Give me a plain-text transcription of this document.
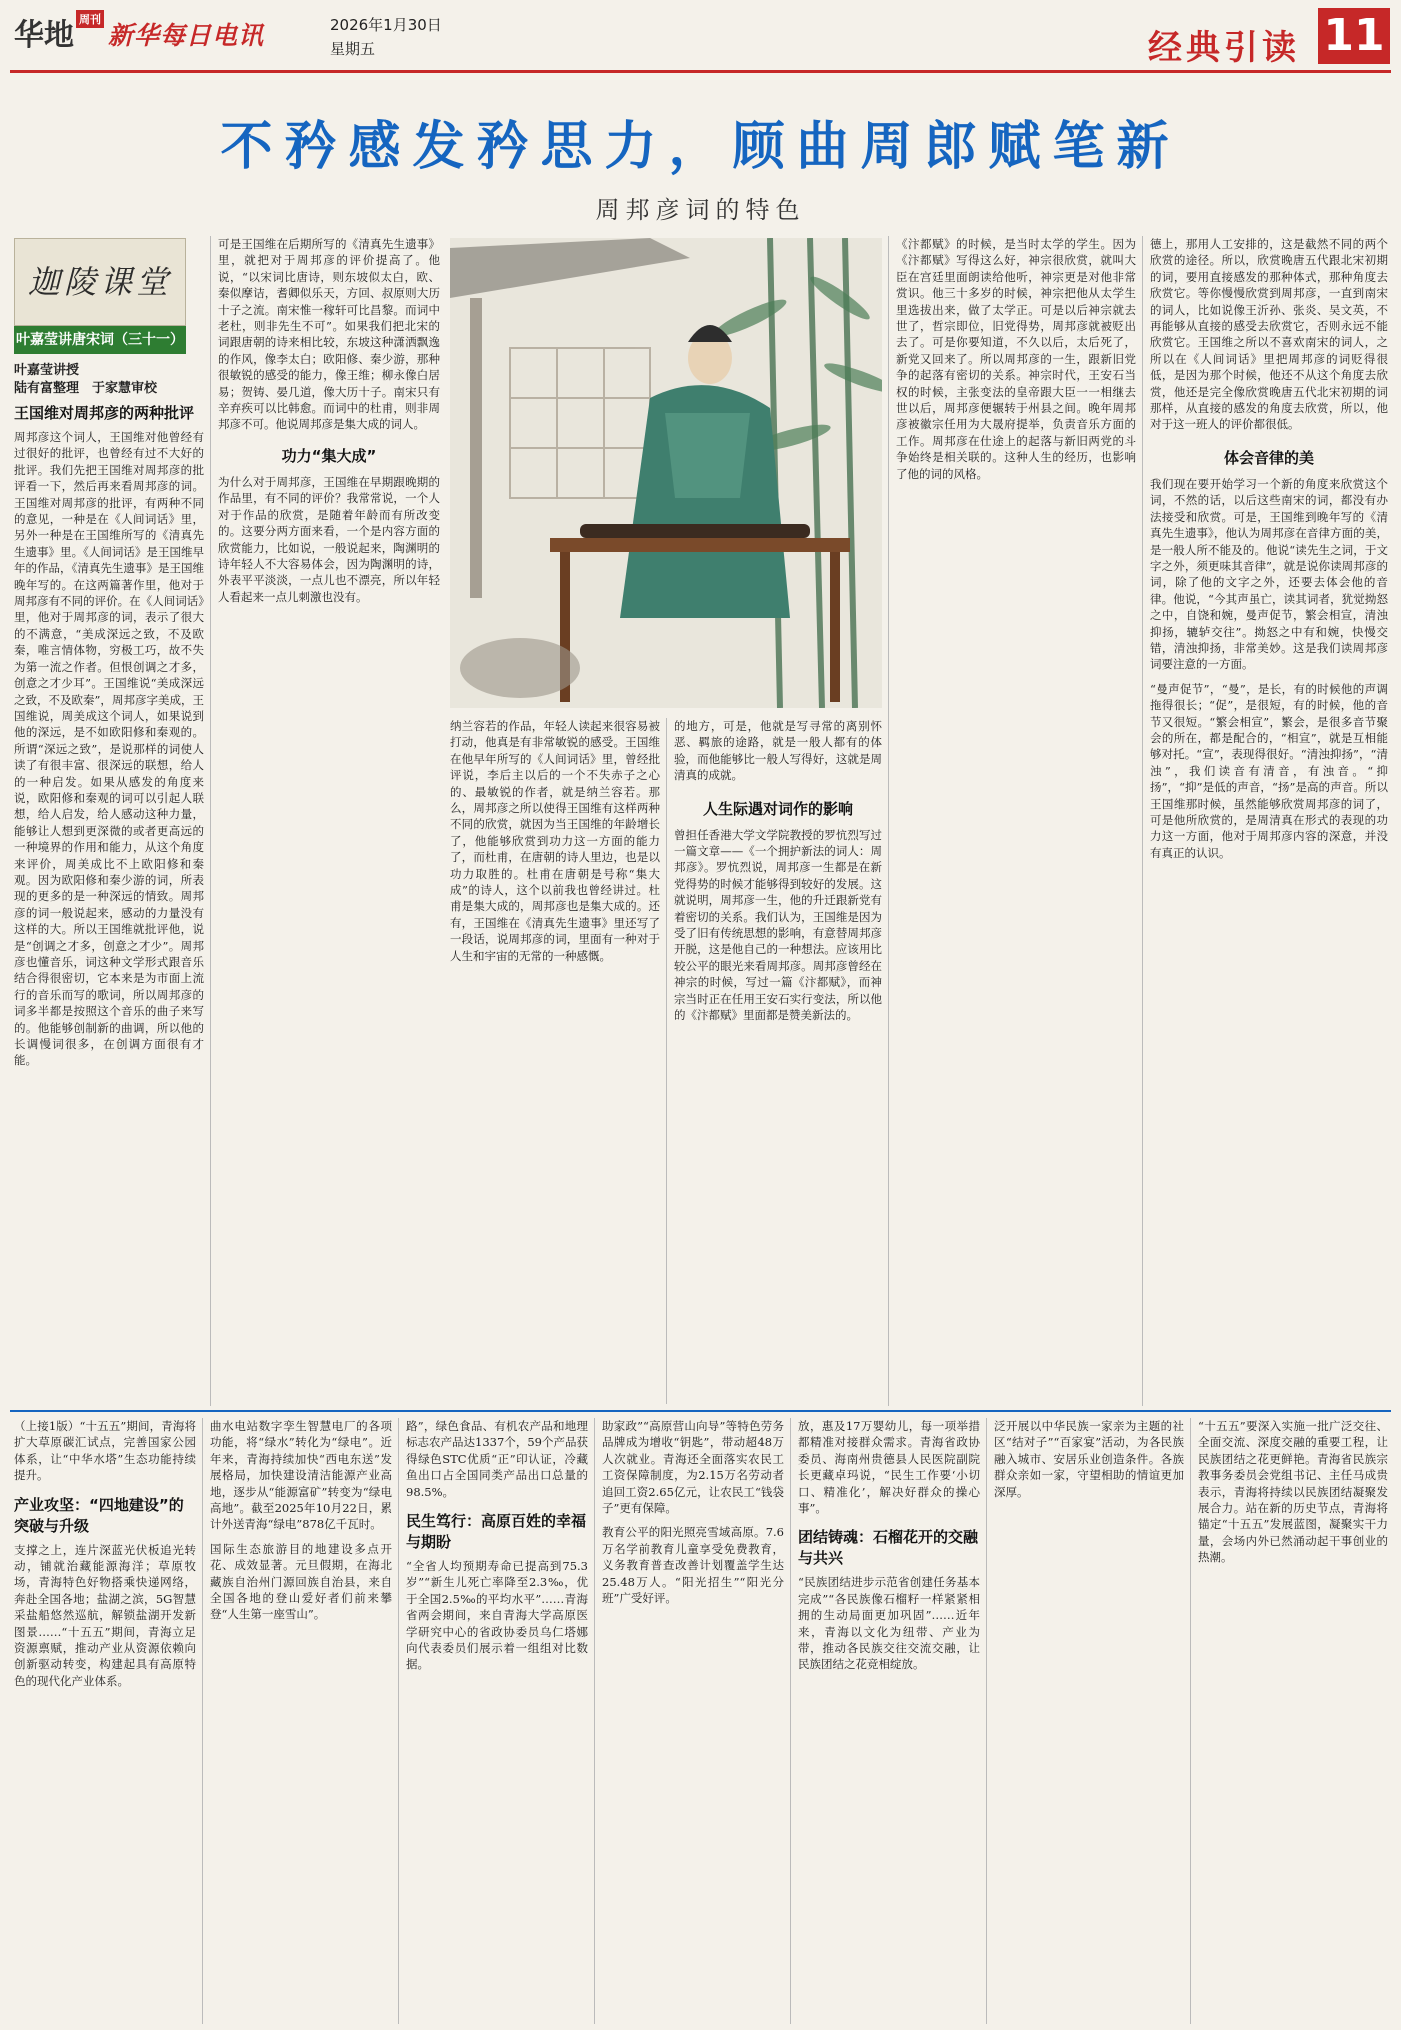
华地 周刊
新华每日电讯	2026年1月30日
星期五	经典引读 11
不矜感发矜思力，顾曲周郎赋笔新
周邦彦词的特色
迦陵课堂
叶嘉莹讲唐宋词（三十一）
叶嘉莹讲授
陆有富整理　于家慧审校
王国维对周邦彦的两种批评

周邦彦这个词人，王国维对他曾经有过很好的批评，也曾经有过不大好的批评。我们先把王国维对周邦彦的批评看一下，然后再来看周邦彦的词。王国维对周邦彦的批评，有两种不同的意见，一种是在《人间词话》里，另外一种是在王国维所写的《清真先生遗事》里。《人间词话》是王国维早年的作品，《清真先生遗事》是王国维晚年写的。在这两篇著作里，他对于周邦彦有不同的评价。在《人间词话》里，他对于周邦彦的词，表示了很大的不满意，“美成深远之致，不及欧秦，唯言情体物，穷极工巧，故不失为第一流之作者。但恨创调之才多，创意之才少耳”。王国维说“美成深远之致，不及欧秦”，周邦彦字美成，王国维说，周美成这个词人，如果说到他的深远，是不如欧阳修和秦观的。所谓“深远之致”，是说那样的词使人读了有很丰富、很深远的联想，给人的一种启发。如果从感发的角度来说，欧阳修和秦观的词可以引起人联想，给人启发，给人感动这种力量，能够让人想到更深微的或者更高远的一种境界的作用和能力，从这个角度来评价，周美成比不上欧阳修和秦观。因为欧阳修和秦少游的词，所表现的更多的是一种深远的情致。周邦彦的词一般说起来，感动的力量没有这样的大。所以王国维就批评他，说是“创调之才多，创意之才少”。周邦彦也懂音乐，词这种文学形式跟音乐结合得很密切，它本来是为市面上流行的音乐而写的歌词，所以周邦彦的词多半都是按照这个音乐的曲子来写的。他能够创制新的曲调，所以他的长调慢词很多，在创调方面很有才能。

可是王国维在后期所写的《清真先生遗事》里，就把对于周邦彦的评价提高了。他说，“以宋词比唐诗，则东坡似太白，欧、秦似摩诘，耆卿似乐天，方回、叔原则大历十子之流。南宋惟一稼轩可比昌黎。而词中老杜，则非先生不可”。如果我们把北宋的词跟唐朝的诗来相比较，东坡这种潇洒飘逸的作风，像李太白；欧阳修、秦少游，那种很敏锐的感受的能力，像王维；柳永像白居易；贺铸、晏几道，像大历十子。南宋只有辛弃疾可以比韩愈。而词中的杜甫，则非周邦彦不可。他说周邦彦是集大成的词人。

功力“集大成”

为什么对于周邦彦，王国维在早期跟晚期的作品里，有不同的评价？我常常说，一个人对于作品的欣赏，是随着年龄而有所改变的。这要分两方面来看，一个是内容方面的欣赏能力，比如说，一般说起来，陶渊明的诗年轻人不大容易体会，因为陶渊明的诗，外表平平淡淡，一点儿也不漂亮，所以年轻人看起来一点儿刺激也没有。

纳兰容若的作品，年轻人读起来很容易被打动，他真是有非常敏锐的感受。王国维在他早年所写的《人间词话》里，曾经批评说，李后主以后的一个不失赤子之心的、最敏锐的作者，就是纳兰容若。那么，周邦彦之所以使得王国维有这样两种不同的欣赏，就因为当王国维的年龄增长了，他能够欣赏到功力这一方面的能力了，而杜甫，在唐朝的诗人里边，也是以功力取胜的。杜甫在唐朝是号称“集大成”的诗人，这个以前我也曾经讲过。杜甫是集大成的，周邦彦也是集大成的。还有，王国维在《清真先生遗事》里还写了一段话，说周邦彦的词，里面有一种对于人生和宇宙的无常的一种感慨。

的地方，可是，他就是写寻常的离别怀恶、羁旅的途路，就是一般人都有的体验，而他能够比一般人写得好，这就是周清真的成就。

人生际遇对词作的影响

曾担任香港大学文学院教授的罗忼烈写过一篇文章——《一个拥护新法的词人：周邦彦》。罗忼烈说，周邦彦一生都是在新党得势的时候才能够得到较好的发展。这就说明，周邦彦一生，他的升迁跟新党有着密切的关系。我们认为，王国维是因为受了旧有传统思想的影响，有意替周邦彦开脱，这是他自己的一种想法。应该用比较公平的眼光来看周邦彦。周邦彦曾经在神宗的时候，写过一篇《汴都赋》，而神宗当时正在任用王安石实行变法，所以他的《汴都赋》里面都是赞美新法的。

《汴都赋》的时候，是当时太学的学生。因为《汴都赋》写得这么好，神宗很欣赏，就叫大臣在宫廷里面朗读给他听，神宗更是对他非常赏识。他三十多岁的时候，神宗把他从太学生里选拔出来，做了太学正。可是以后神宗就去世了，哲宗即位，旧党得势，周邦彦就被贬出去了。可是你要知道，不久以后，太后死了，新党又回来了。所以周邦彦的一生，跟新旧党争的起落有密切的关系。神宗时代，王安石当权的时候，主张变法的皇帝跟大臣一一相继去世以后，周邦彦便辗转于州县之间。晚年周邦彦被徽宗任用为大晟府提举，负责音乐方面的工作。周邦彦在仕途上的起落与新旧两党的斗争始终是相关联的。这种人生的经历，也影响了他的词的风格。

德上，那用人工安排的，这是截然不同的两个欣赏的途径。所以，欣赏晚唐五代跟北宋初期的词，要用直接感发的那种体式，那种角度去欣赏它。等你慢慢欣赏到周邦彦，一直到南宋的词人，比如说像王沂孙、张炎、吴文英，不再能够从直接的感受去欣赏它，否则永远不能欣赏它。王国维之所以不喜欢南宋的词人，之所以在《人间词话》里把周邦彦的词贬得很低，是因为那个时候，他还不从这个角度去欣赏，他还是完全像欣赏晚唐五代北宋初期的词那样，从直接的感发的角度去欣赏，所以，他对于这一班人的评价都很低。

体会音律的美

我们现在要开始学习一个新的角度来欣赏这个词，不然的话，以后这些南宋的词，都没有办法接受和欣赏。可是，王国维到晚年写的《清真先生遗事》，他认为周邦彦在音律方面的美，是一般人所不能及的。他说“读先生之词，于文字之外，须更味其音律”，就是说你读周邦彦的词，除了他的文字之外，还要去体会他的音律。他说，“今其声虽亡，读其词者，犹觉拗怒之中，自饶和婉，曼声促节，繁会相宣，清浊抑扬，辘轳交往”。拗怒之中有和婉，快慢交错，清浊抑扬，非常美妙。这是我们读周邦彦词要注意的一方面。

“曼声促节”，“曼”，是长，有的时候他的声调拖得很长；“促”，是很短，有的时候，他的音节又很短。“繁会相宣”，繁会，是很多音节聚会的所在，都是配合的，“相宣”，就是互相能够对托。“宣”，表现得很好。“清浊抑扬”，“清浊”，我们读音有清音，有浊音。“抑扬”，“抑”是低的声音，“扬”是高的声音。所以王国维那时候，虽然能够欣赏周邦彦的词了，可是他所欣赏的，是周清真在形式的表现的功力这一方面，他对于周邦彦内容的深意，并没有真正的认识。

（上接1版）“十五五”期间，青海将扩大草原碳汇试点，完善国家公园体系，让“中华水塔”生态功能持续提升。

产业攻坚：“四地建设”的突破与升级

支撑之上，连片深蓝光伏板追光转动，铺就治藏能源海洋；草原牧场，青海特色好物搭乘快递网络，奔赴全国各地；盐湖之滨，5G智慧采盐船悠然巡航，解锁盐湖开发新图景……“十五五”期间，青海立足资源禀赋，推动产业从资源依赖向创新驱动转变，构建起具有高原特色的现代化产业体系。

曲水电站数字孪生智慧电厂的各项功能，将“绿水”转化为“绿电”。近年来，青海持续加快“西电东送”发展格局，加快建设清洁能源产业高地，逐步从“能源富矿”转变为“绿电高地”。截至2025年10月22日，累计外送青海“绿电”878亿千瓦时。

国际生态旅游目的地建设多点开花、成效显著。元旦假期，在海北藏族自治州门源回族自治县，来自全国各地的登山爱好者们前来攀登“人生第一座雪山”。

路”，绿色食品、有机农产品和地理标志农产品达1337个，59个产品获得绿色STC优质“正”印认证，冷藏鱼出口占全国同类产品出口总量的98.5%。

民生笃行：高原百姓的幸福与期盼

“全省人均预期寿命已提高到75.3岁”“新生儿死亡率降至2.3‰，优于全国2.5‰的平均水平”……青海省两会期间，来自青海大学高原医学研究中心的省政协委员乌仁塔娜向代表委员们展示着一组组对比数据。

助家政”“高原营山向导”等特色劳务品牌成为增收“钥匙”，带动超48万人次就业。青海还全面落实农民工工资保障制度，为2.15万名劳动者追回工资2.65亿元，让农民工“钱袋子”更有保障。

教育公平的阳光照亮雪域高原。7.6万名学前教育儿童享受免费教育，义务教育普查改善计划覆盖学生达25.48万人。“阳光招生”“阳光分班”广受好评。

放，惠及17万婴幼儿，每一项举措都精准对接群众需求。青海省政协委员、海南州贵德县人民医院副院长更藏卓玛说，“民生工作要‘小切口、精准化’，解决好群众的操心事”。

团结铸魂：石榴花开的交融与共兴

“民族团结进步示范省创建任务基本完成”“各民族像石榴籽一样紧紧相拥的生动局面更加巩固”……近年来，青海以文化为纽带、产业为带，推动各民族交往交流交融，让民族团结之花竞相绽放。

泛开展以中华民族一家亲为主题的社区“结对子”“百家宴”活动，为各民族融入城市、安居乐业创造条件。各族群众亲如一家，守望相助的情谊更加深厚。

“十五五”要深入实施一批广泛交往、全面交流、深度交融的重要工程，让民族团结之花更鲜艳。青海省民族宗教事务委员会党组书记、主任马成贵表示，青海将持续以民族团结凝聚发展合力。站在新的历史节点，青海将锚定“十五五”发展蓝图，凝聚实干力量，会场内外已然涌动起干事创业的热潮。
